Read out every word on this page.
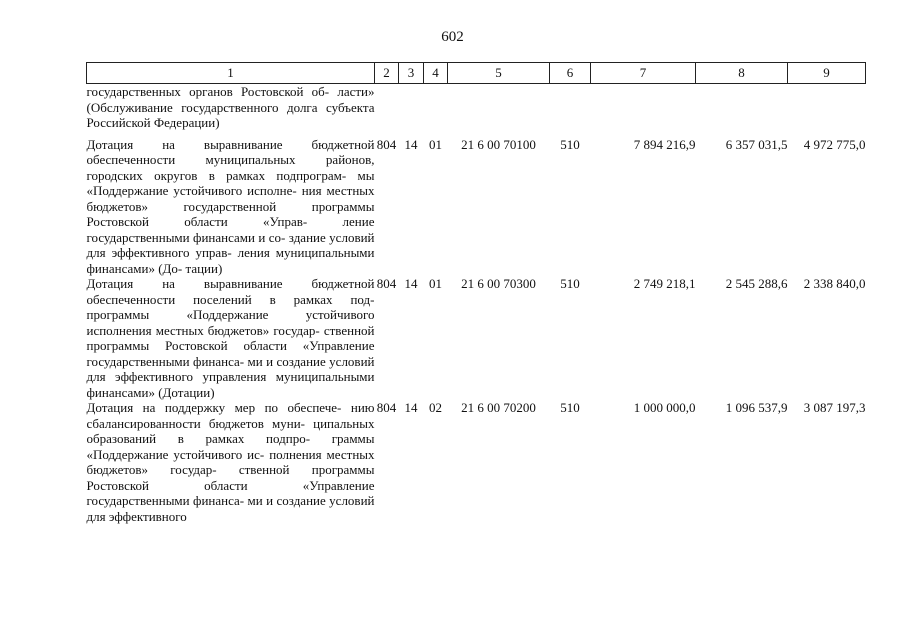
602
1	2	3	4	5	6	7	8	9
государственных органов Ростовской об- ласти» (Обслуживание государственного долга субъекта Российской Федерации)								
Дотация на выравнивание бюджетной обеспеченности муниципальных районов, городских округов в рамках подпрограм- мы «Поддержание устойчивого исполне- ния местных бюджетов» государственной программы Ростовской области «Управ- ление государственными финансами и со- здание условий для эффективного управ- ления муниципальными финансами» (До- тации)	804	14	01	21 6 00 70100	510	7 894 216,9	6 357 031,5	4 972 775,0
Дотация на выравнивание бюджетной обеспеченности поселений в рамках под- программы «Поддержание устойчивого исполнения местных бюджетов» государ- ственной программы Ростовской области «Управление государственными финанса- ми и создание условий для эффективного управления муниципальными финансами» (Дотации)	804	14	01	21 6 00 70300	510	2 749 218,1	2 545 288,6	2 338 840,0
Дотация на поддержку мер по обеспече- нию сбалансированности бюджетов муни- ципальных образований в рамках подпро- граммы «Поддержание устойчивого ис- полнения местных бюджетов» государ- ственной программы Ростовской области «Управление государственными финанса- ми и создание условий для эффективного	804	14	02	21 6 00 70200	510	1 000 000,0	1 096 537,9	3 087 197,3
